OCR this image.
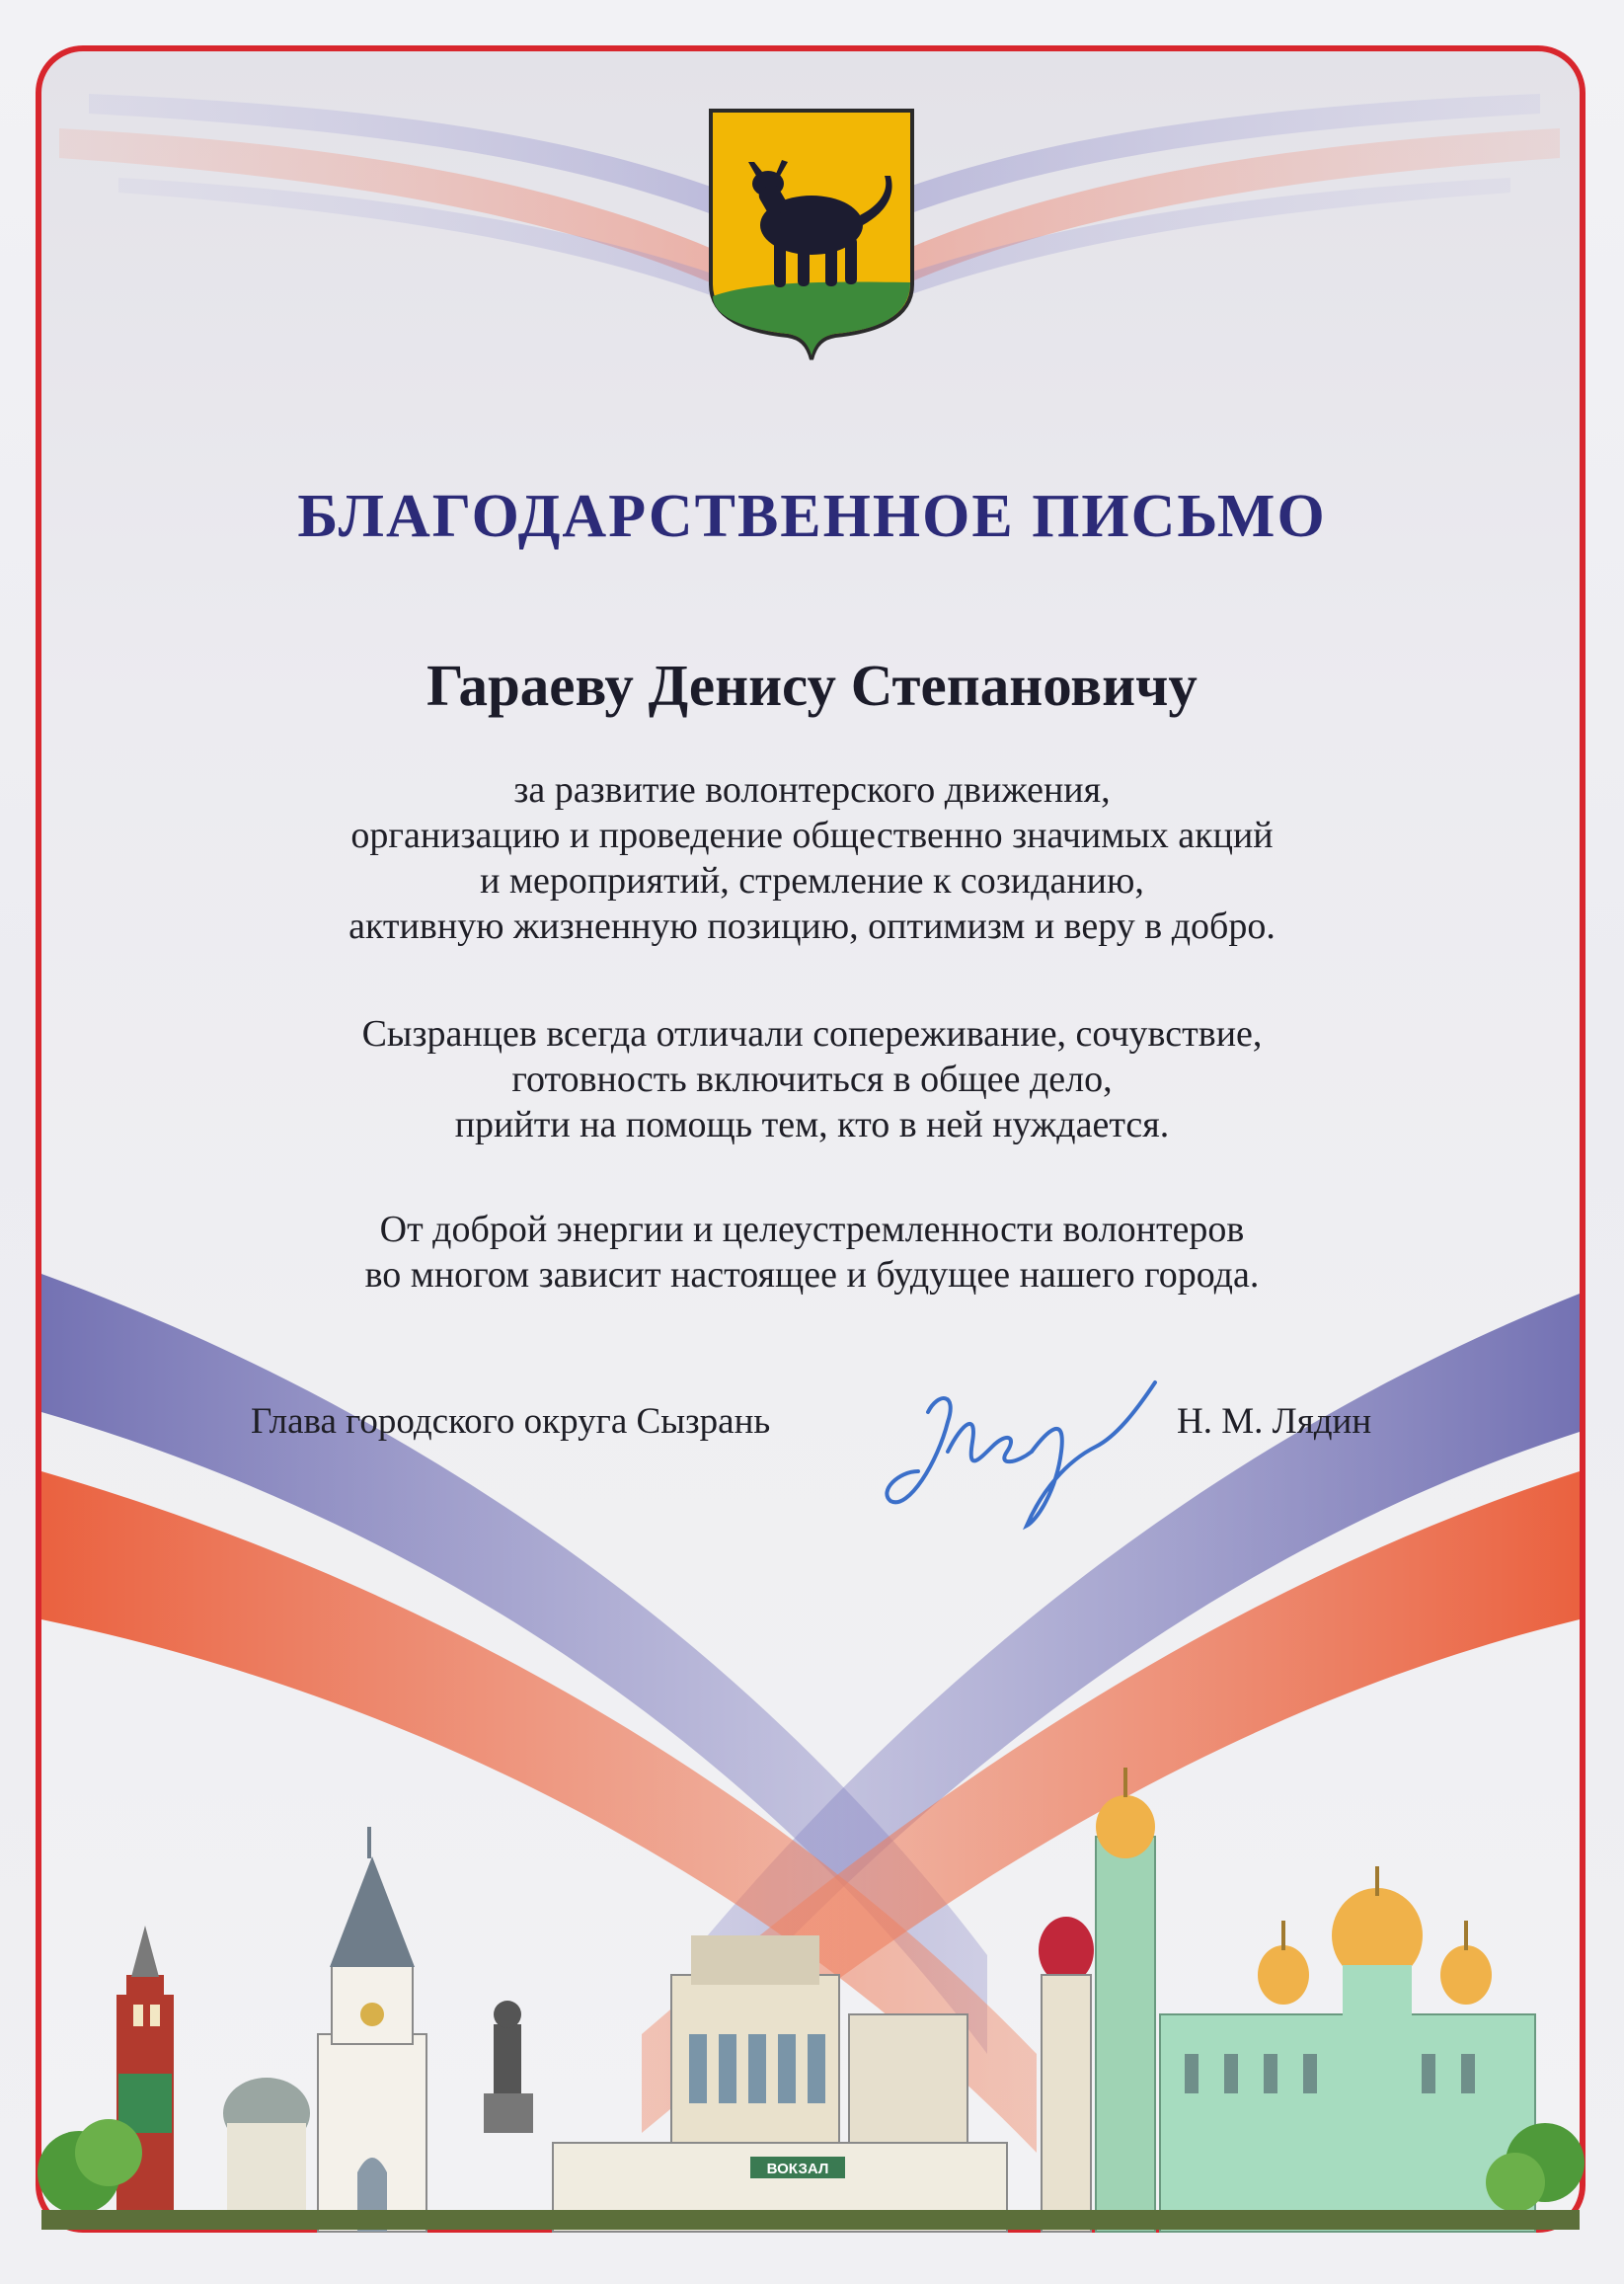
БЛАГОДАРСТВЕННОЕ ПИСЬМО
Гараеву Денису Степановичу
за развитие волонтерского движения,
организацию и проведение общественно значимых акций
и мероприятий, стремление к созиданию,
активную жизненную позицию, оптимизм и веру в добро.
Сызранцев всегда отличали сопереживание, сочувствие,
готовность включиться в общее дело,
прийти на помощь тем, кто в ней нуждается.
От доброй энергии и целеустремленности волонтеров
во многом зависит настоящее и будущее нашего города.
Глава городского округа Сызрань	Н. М. Лядин
ВОКЗАЛ
